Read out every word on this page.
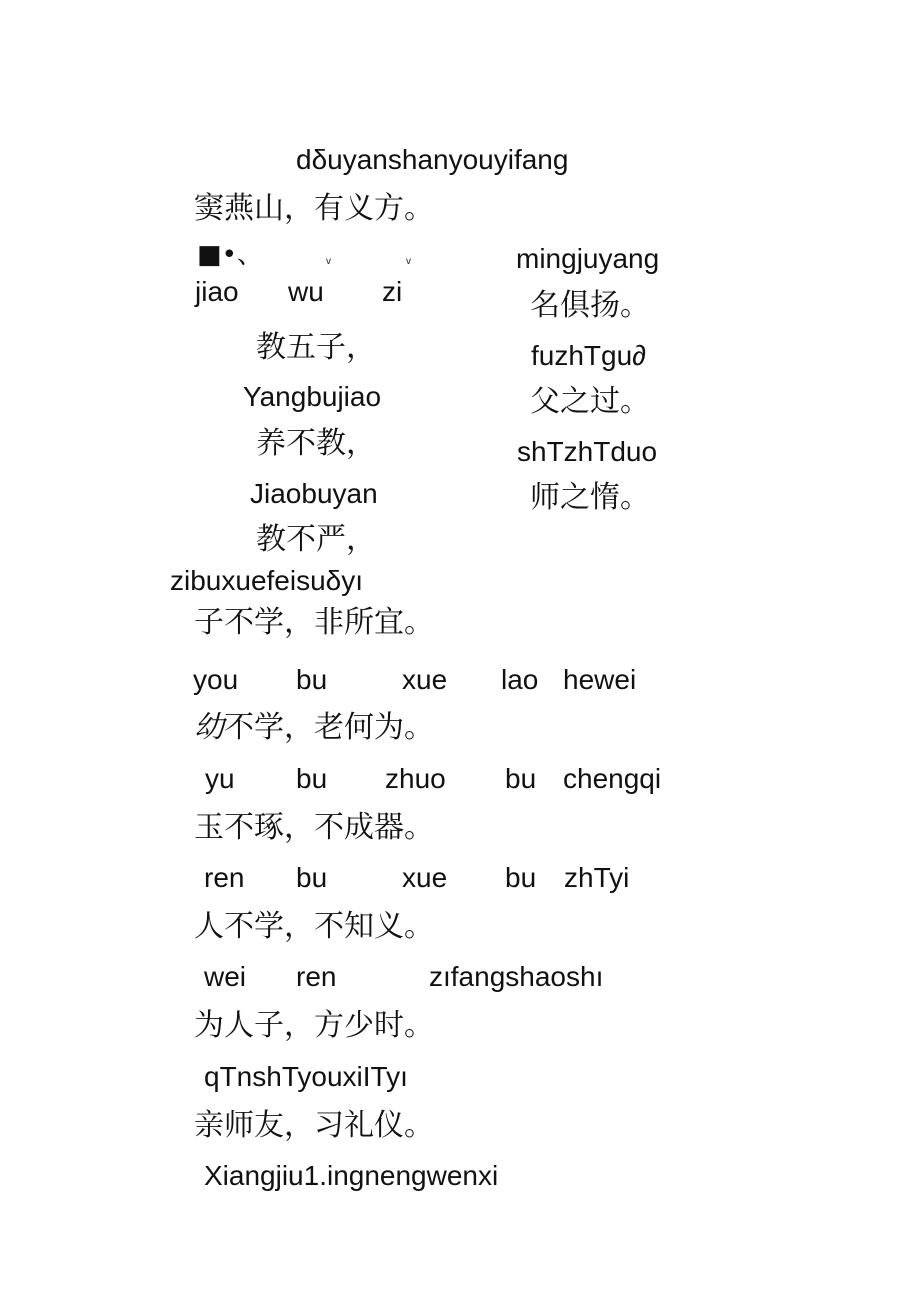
dδuyanshanyouyifang
窦燕山，有义方。
■•、	v	v
jiao wu zi
教五子，
Yangbujiao
养不教，
Jiaobuyan
教不严，
mingjuyang
名俱扬。
fuzhTgu∂
父之过。
shTzhTduo
师之惰。
zibuxuefeisuδyı
子不学，非所宜。
you bu	xue lao hewei
幼不学，老何为。
yu bu zhuo bu chengqi
玉不琢，不成器。
ren bu	xue bu zhTyi
人不学，不知义。
wei ren	zıfangshaoshı
为人子，方少时。
qTnshTyouxiITyı
亲师友，习礼仪。
Xiangjiu1.ingnengwenxi
